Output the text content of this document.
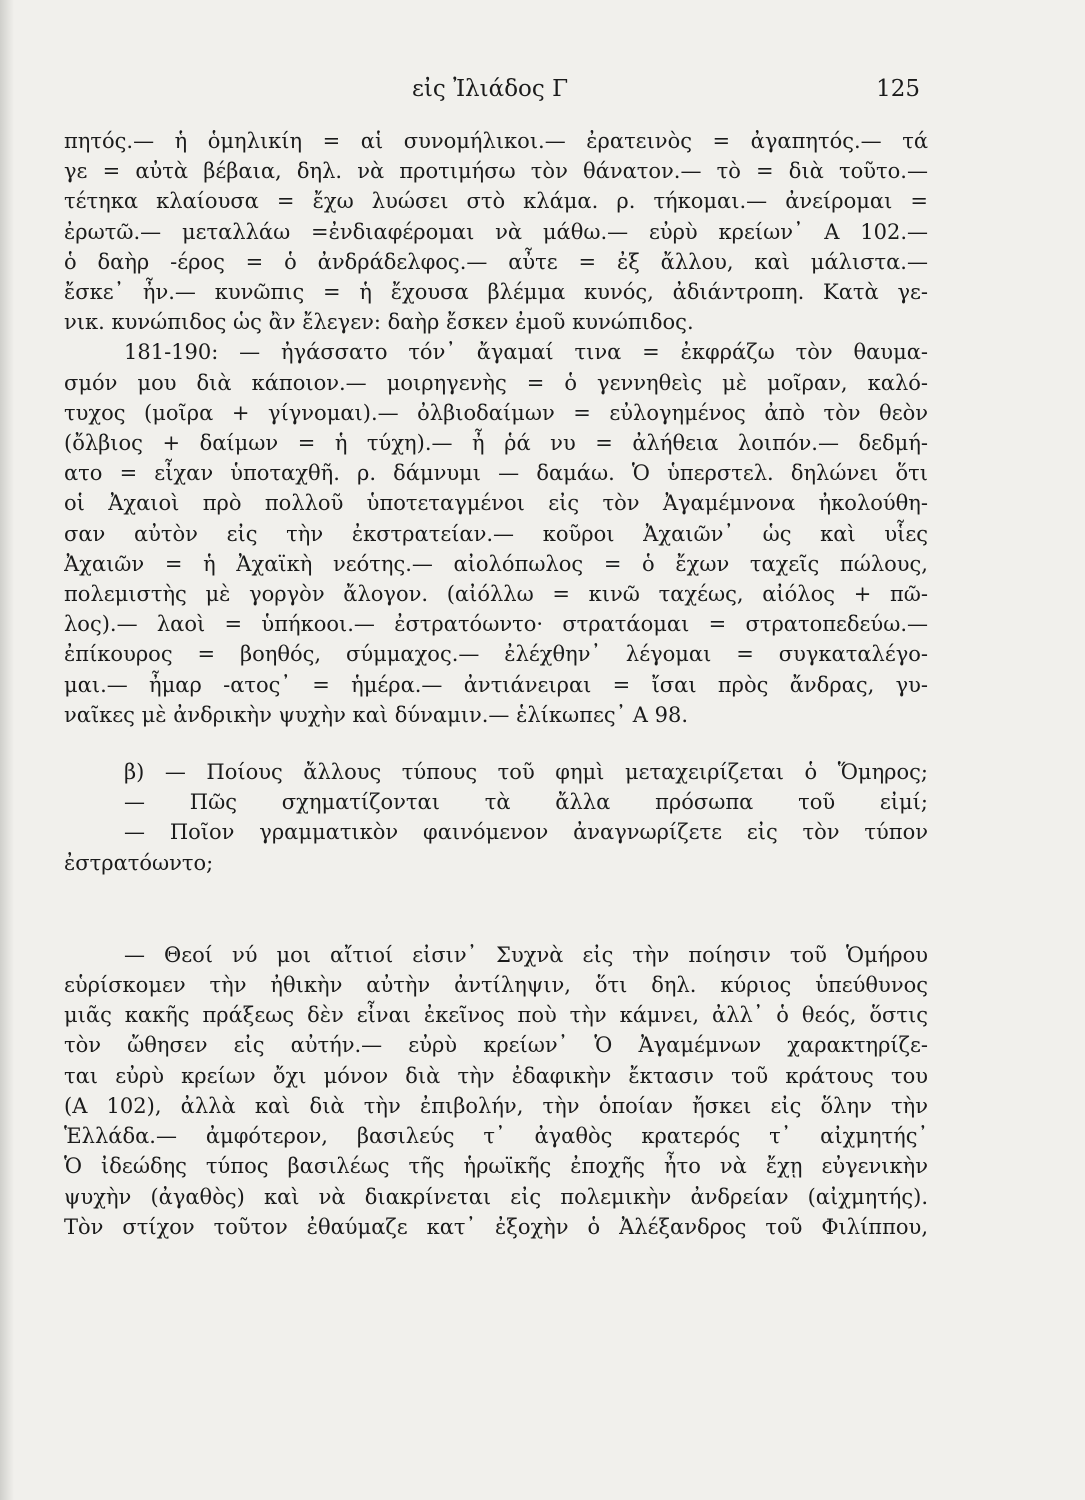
εἰς Ἰλιάδος Γ	125
πητός.— ἡ ὁμηλικίη = αἱ συνομήλικοι.— ἐρατεινὸς = ἀγαπητός.— τά
γε = αὐτὰ βέβαια, δηλ. νὰ προτιμήσω τὸν θάνατον.— τὸ = διὰ τοῦτο.—
τέτηκα κλαίουσα = ἔχω λυώσει στὸ κλάμα. ρ. τήκομαι.— ἀνείρομαι =
ἐρωτῶ.— μεταλλάω =ἐνδιαφέρομαι νὰ μάθω.— εὐρὺ κρείων᾽ Α 102.—
ὁ δαὴρ -έρος = ὁ ἀνδράδελφος.— αὖτε = ἐξ ἄλλου, καὶ μάλιστα.—
ἔσκε᾽ ἦν.— κυνῶπις = ἡ ἔχουσα βλέμμα κυνός, ἀδιάντροπη. Κατὰ γε-
νικ. κυνώπιδος ὡς ἂν ἔλεγεν: δαὴρ ἔσκεν ἐμοῦ κυνώπιδος.
181-190: — ἠγάσσατο τόν᾽ ἄγαμαί τινα = ἐκφράζω τὸν θαυμα-
σμόν μου διὰ κάποιον.— μοιρηγενὴς = ὁ γεννηθεὶς μὲ μοῖραν, καλό-
τυχος (μοῖρα + γίγνομαι).— ὀλβιοδαίμων = εὐλογημένος ἀπὸ τὸν θεὸν
(ὄλβιος + δαίμων = ἡ τύχη).— ἦ ῥά νυ = ἀλήθεια λοιπόν.— δεδμή-
ατο = εἶχαν ὑποταχθῆ. ρ. δάμνυμι — δαμάω. Ὁ ὑπερστελ. δηλώνει ὅτι
οἱ Ἀχαιοὶ πρὸ πολλοῦ ὑποτεταγμένοι εἰς τὸν Ἀγαμέμνονα ἠκολούθη-
σαν αὐτὸν εἰς τὴν ἐκστρατείαν.— κοῦροι Ἀχαιῶν᾽ ὡς καὶ υἷες
Ἀχαιῶν = ἡ Ἀχαϊκὴ νεότης.— αἰολόπωλος = ὁ ἔχων ταχεῖς πώλους,
πολεμιστὴς μὲ γοργὸν ἄλογον. (αἰόλλω = κινῶ ταχέως, αἰόλος + πῶ-
λος).— λαοὶ = ὑπήκοοι.— ἐστρατόωντο· στρατάομαι = στρατοπεδεύω.—
ἐπίκουρος = βοηθός, σύμμαχος.— ἐλέχθην᾽ λέγομαι = συγκαταλέγο-
μαι.— ἦμαρ -ατος᾽ = ἡμέρα.— ἀντιάνειραι = ἴσαι πρὸς ἄνδρας, γυ-
ναῖκες μὲ ἀνδρικὴν ψυχὴν καὶ δύναμιν.— ἑλίκωπες᾽ Α 98.
β) — Ποίους ἄλλους τύπους τοῦ φημὶ μεταχειρίζεται ὁ Ὅμηρος;
— Πῶς σχηματίζονται τὰ ἄλλα πρόσωπα τοῦ εἰμί;
— Ποῖον γραμματικὸν φαινόμενον ἀναγνωρίζετε εἰς τὸν τύπον
ἐστρατόωντο;
— Θεοί νύ μοι αἴτιοί εἰσιν᾽ Συχνὰ εἰς τὴν ποίησιν τοῦ Ὁμήρου
εὑρίσκομεν τὴν ἠθικὴν αὐτὴν ἀντίληψιν, ὅτι δηλ. κύριος ὑπεύθυνος
μιᾶς κακῆς πράξεως δὲν εἶναι ἐκεῖνος ποὺ τὴν κάμνει, ἀλλ᾽ ὁ θεός, ὅστις
τὸν ὤθησεν εἰς αὐτήν.— εὐρὺ κρείων᾽ Ὁ Ἀγαμέμνων χαρακτηρίζε-
ται εὐρὺ κρείων ὄχι μόνον διὰ τὴν ἐδαφικὴν ἔκτασιν τοῦ κράτους του
(Α 102), ἀλλὰ καὶ διὰ τὴν ἐπιβολήν, τὴν ὁποίαν ἤσκει εἰς ὅλην τὴν
Ἑλλάδα.— ἀμφότερον, βασιλεύς τ᾽ ἀγαθὸς κρατερός τ᾽ αἰχμητής᾽
Ὁ ἰδεώδης τύπος βασιλέως τῆς ἡρωϊκῆς ἐποχῆς ἦτο νὰ ἔχῃ εὐγενικὴν
ψυχὴν (ἀγαθὸς) καὶ νὰ διακρίνεται εἰς πολεμικὴν ἀνδρείαν (αἰχμητής).
Τὸν στίχον τοῦτον ἐθαύμαζε κατ᾽ ἐξοχὴν ὁ Ἀλέξανδρος τοῦ Φιλίππου,
